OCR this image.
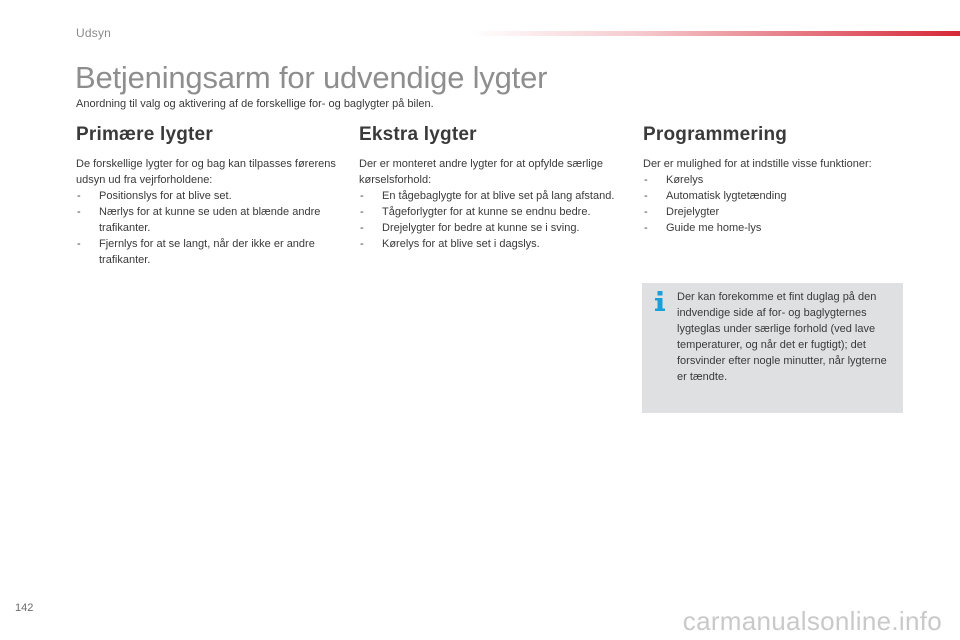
Udsyn
Betjeningsarm for udvendige lygter
Anordning til valg og aktivering af de forskellige for- og baglygter på bilen.
Primære lygter

De forskellige lygter for og bag kan tilpasses førerens udsyn ud fra vejrforholdene:

- Positionslys for at blive set.
- Nærlys for at kunne se uden at blænde andre trafikanter.
- Fjernlys for at se langt, når der ikke er andre trafikanter.
Ekstra lygter

Der er monteret andre lygter for at opfylde særlige kørselsforhold:

- En tågebaglygte for at blive set på lang afstand.
- Tågeforlygter for at kunne se endnu bedre.
- Drejelygter for bedre at kunne se i sving.
- Kørelys for at blive set i dagslys.
Programmering

Der er mulighed for at indstille visse funktioner:

- Kørelys
- Automatisk lygtetænding
- Drejelygter
- Guide me home-lys

Der kan forekomme et fint duglag på den indvendige side af for- og baglygternes lygteglas under særlige forhold (ved lave temperaturer, og når det er fugtigt); det forsvinder efter nogle minutter, når lygterne er tændte.

142	carmanualsonline.info
